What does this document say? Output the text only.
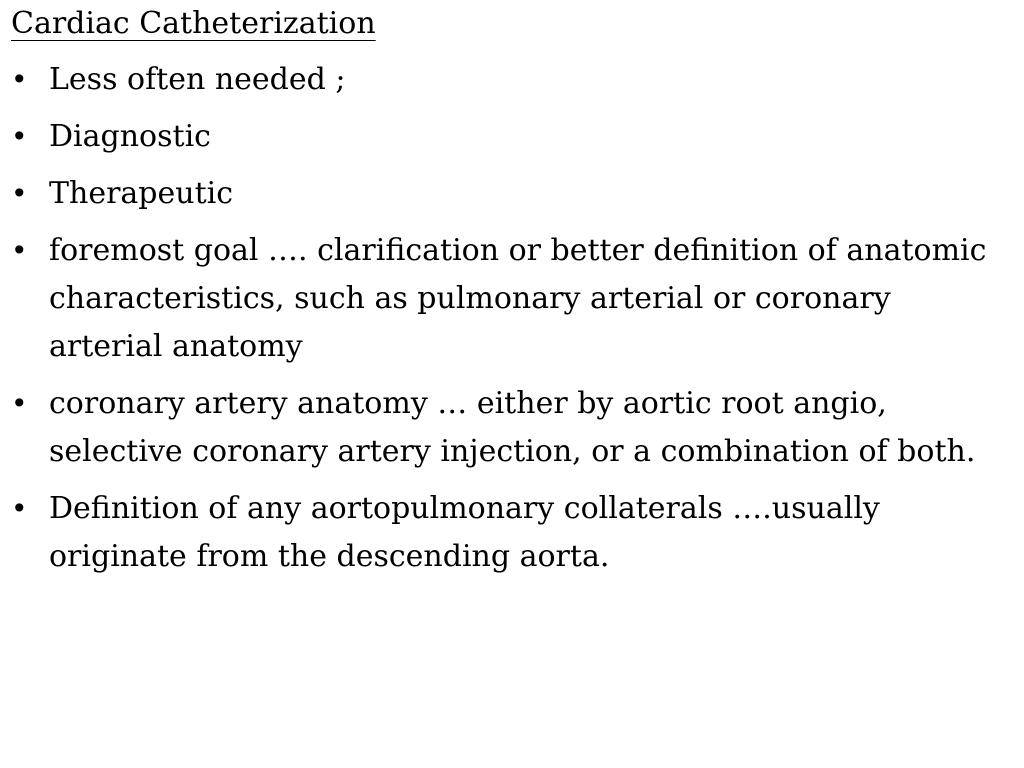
Cardiac Catheterization
• Less often needed ;
• Diagnostic
• Therapeutic
• foremost goal …. clarification or better definition of anatomic characteristics, such as pulmonary arterial or coronary arterial anatomy
• coronary artery anatomy … either by aortic root angio, selective coronary artery injection, or a combination of both.
• Definition of any aortopulmonary collaterals ….usually originate from the descending aorta.
